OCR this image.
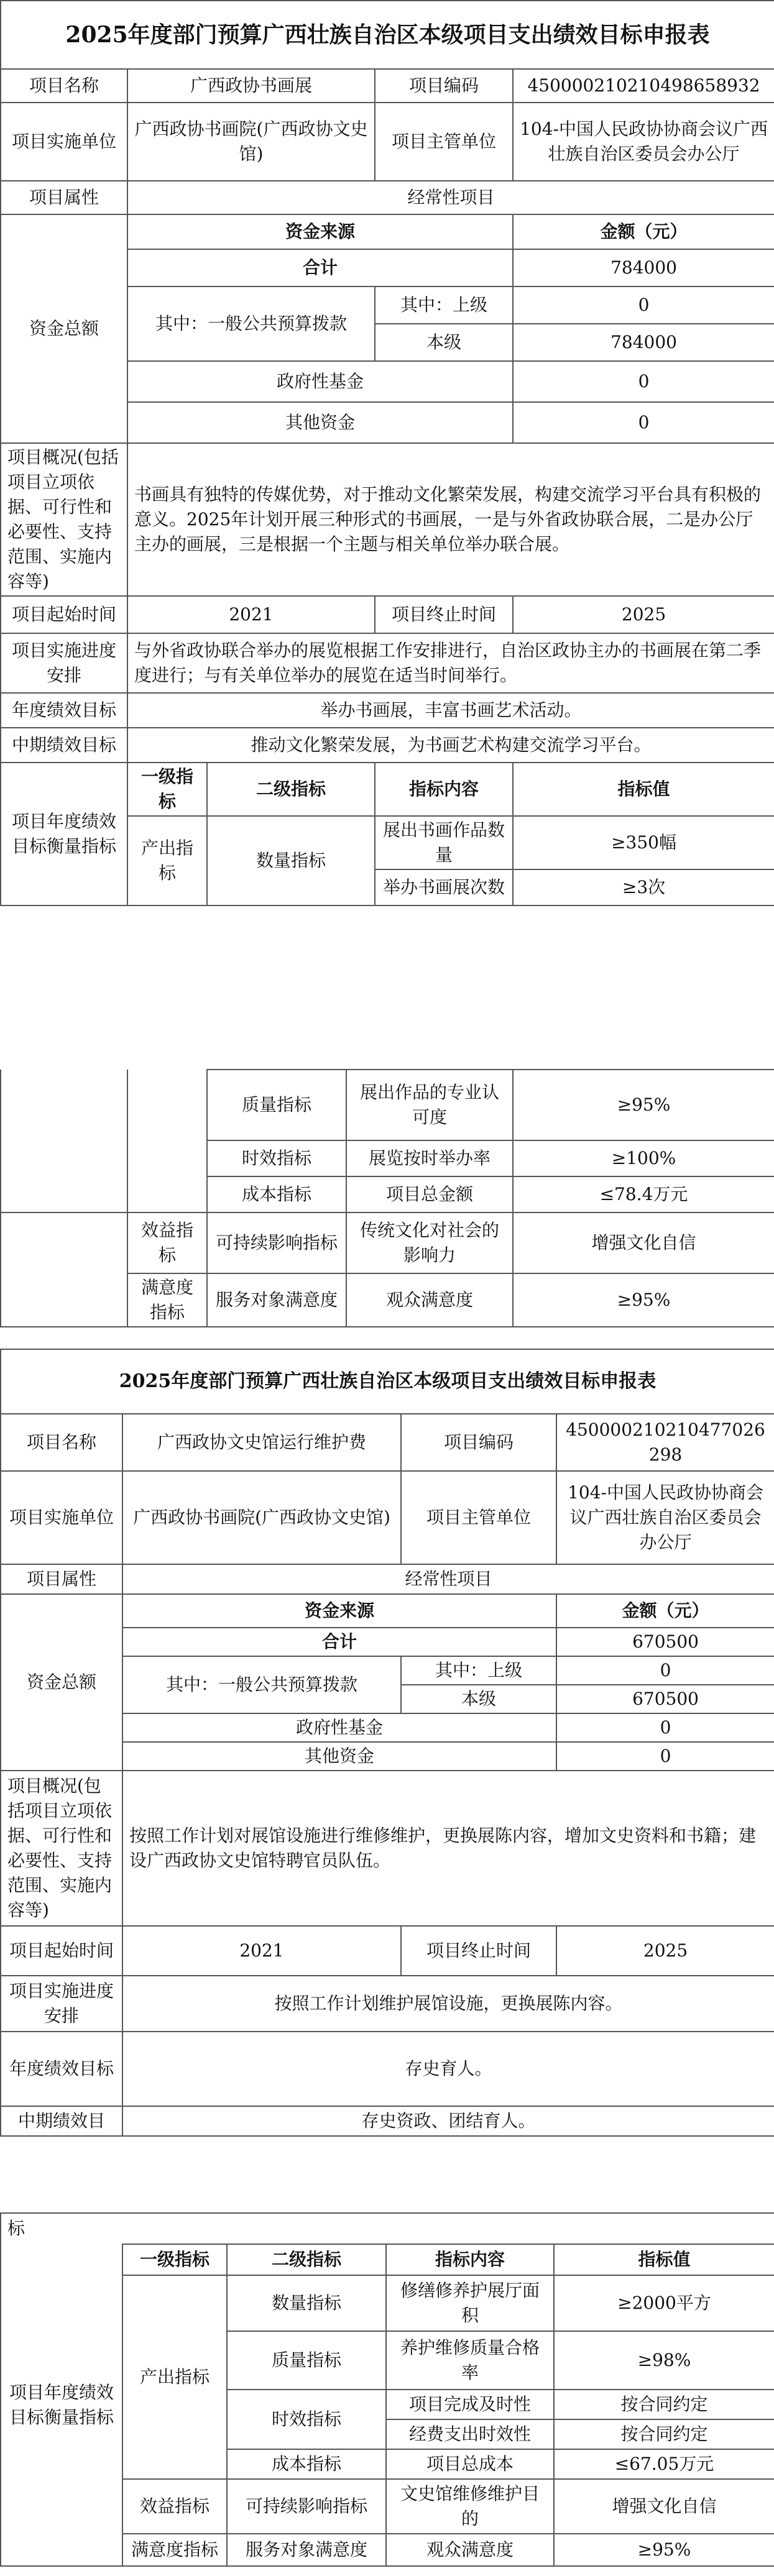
2025年度部门预算广西壮族自治区本级项目支出绩效目标申报表				
项目名称	广西政协书画展		项目编码	450000210210498658932
项目实施单位	广西政协书画院(广西政协文史馆)		项目主管单位	104-中国人民政协协商会议广西壮族自治区委员会办公厅
项目属性	经常性项目			
资金总额	资金来源			金额（元）
	合计			784000
	其中：一般公共预算拨款		其中：上级	0
			本级	784000
	政府性基金			0
	其他资金			0
项目概况(包括项目立项依据、可行性和必要性、支持范围、实施内容等)	书画具有独特的传媒优势，对于推动文化繁荣发展，构建交流学习平台具有积极的意义。2025年计划开展三种形式的书画展，一是与外省政协联合展，二是办公厅主办的画展，三是根据一个主题与相关单位举办联合展。			
项目起始时间	2021		项目终止时间	2025
项目实施进度安排	与外省政协联合举办的展览根据工作安排进行，自治区政协主办的书画展在第二季度进行；与有关单位举办的展览在适当时间举行。			
年度绩效目标	举办书画展，丰富书画艺术活动。			
中期绩效目标	推动文化繁荣发展，为书画艺术构建交流学习平台。			
项目年度绩效目标衡量指标	一级指标	二级指标	指标内容	指标值
	产出指标	数量指标	展出书画作品数量	≥350幅
			举办书画展次数	≥3次
		质量指标	展出作品的专业认可度	≥95%
		时效指标	展览按时举办率	≥100%
		成本指标	项目总金额	≤78.4万元
	效益指标	可持续影响指标	传统文化对社会的影响力	增强文化自信
	满意度指标	服务对象满意度	观众满意度	≥95%
2025年度部门预算广西壮族自治区本级项目支出绩效目标申报表			
项目名称	广西政协文史馆运行维护费	项目编码	450000210210477026298
项目实施单位	广西政协书画院(广西政协文史馆)	项目主管单位	104-中国人民政协协商会议广西壮族自治区委员会办公厅
项目属性	经常性项目		
资金总额	资金来源		金额（元）
	合计		670500
	其中：一般公共预算拨款	其中：上级	0
		本级	670500
	政府性基金		0
	其他资金		0
项目概况(包括项目立项依据、可行性和必要性、支持范围、实施内容等)	按照工作计划对展馆设施进行维修维护，更换展陈内容，增加文史资料和书籍；建设广西政协文史馆特聘官员队伍。		
项目起始时间	2021	项目终止时间	2025
项目实施进度安排	按照工作计划维护展馆设施，更换展陈内容。		
年度绩效目标	存史育人。		
中期绩效目	存史资政、团结育人。		
标				
项目年度绩效目标衡量指标	一级指标	二级指标	指标内容	指标值
	产出指标	数量指标	修缮修养护展厅面积	≥2000平方
		质量指标	养护维修质量合格率	≥98%
		时效指标	项目完成及时性	按合同约定
			经费支出时效性	按合同约定
		成本指标	项目总成本	≤67.05万元
	效益指标	可持续影响指标	文史馆维修维护目的	增强文化自信
	满意度指标	服务对象满意度	观众满意度	≥95%
